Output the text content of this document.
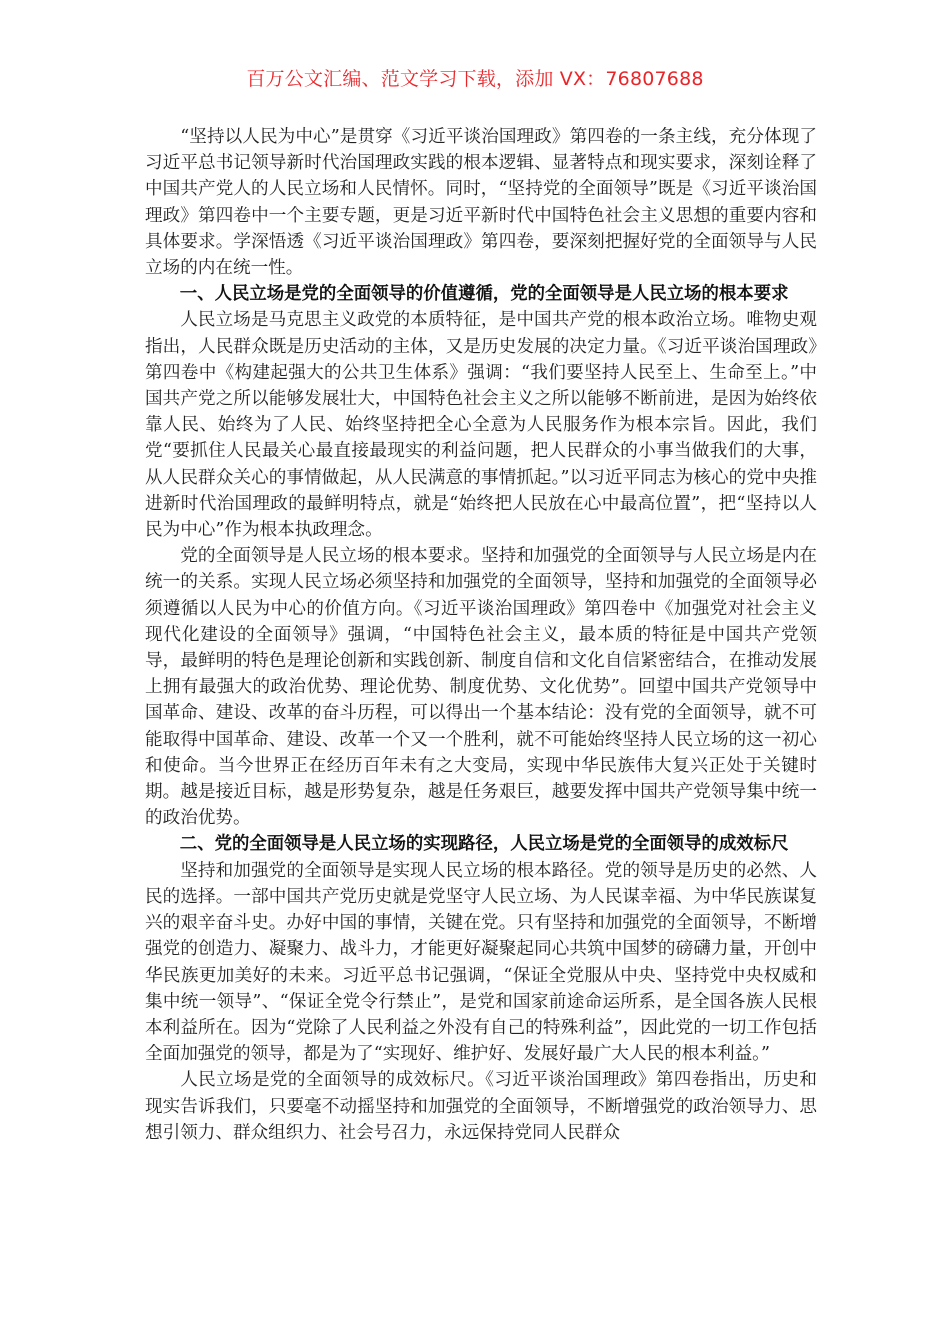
百万公文汇编、范文学习下载，添加 VX：76807688

“坚持以人民为中心”是贯穿《习近平谈治国理政》第四卷的一条主线，充分体现了习近平总书记领导新时代治国理政实践的根本逻辑、显著特点和现实要求，深刻诠释了中国共产党人的人民立场和人民情怀。同时，“坚持党的全面领导”既是《习近平谈治国理政》第四卷中一个主要专题，更是习近平新时代中国特色社会主义思想的重要内容和具体要求。学深悟透《习近平谈治国理政》第四卷，要深刻把握好党的全面领导与人民立场的内在统一性。

一、人民立场是党的全面领导的价值遵循，党的全面领导是人民立场的根本要求

人民立场是马克思主义政党的本质特征，是中国共产党的根本政治立场。唯物史观指出，人民群众既是历史活动的主体，又是历史发展的决定力量。《习近平谈治国理政》第四卷中《构建起强大的公共卫生体系》强调：“我们要坚持人民至上、生命至上。”中国共产党之所以能够发展壮大，中国特色社会主义之所以能够不断前进，是因为始终依靠人民、始终为了人民、始终坚持把全心全意为人民服务作为根本宗旨。因此，我们党“要抓住人民最关心最直接最现实的利益问题，把人民群众的小事当做我们的大事，从人民群众关心的事情做起，从人民满意的事情抓起。”以习近平同志为核心的党中央推进新时代治国理政的最鲜明特点，就是“始终把人民放在心中最高位置”，把“坚持以人民为中心”作为根本执政理念。

党的全面领导是人民立场的根本要求。坚持和加强党的全面领导与人民立场是内在统一的关系。实现人民立场必须坚持和加强党的全面领导，坚持和加强党的全面领导必须遵循以人民为中心的价值方向。《习近平谈治国理政》第四卷中《加强党对社会主义现代化建设的全面领导》强调，“中国特色社会主义，最本质的特征是中国共产党领导，最鲜明的特色是理论创新和实践创新、制度自信和文化自信紧密结合，在推动发展上拥有最强大的政治优势、理论优势、制度优势、文化优势”。回望中国共产党领导中国革命、建设、改革的奋斗历程，可以得出一个基本结论：没有党的全面领导，就不可能取得中国革命、建设、改革一个又一个胜利，就不可能始终坚持人民立场的这一初心和使命。当今世界正在经历百年未有之大变局，实现中华民族伟大复兴正处于关键时期。越是接近目标，越是形势复杂，越是任务艰巨，越要发挥中国共产党领导集中统一的政治优势。

二、党的全面领导是人民立场的实现路径，人民立场是党的全面领导的成效标尺

坚持和加强党的全面领导是实现人民立场的根本路径。党的领导是历史的必然、人民的选择。一部中国共产党历史就是党坚守人民立场、为人民谋幸福、为中华民族谋复兴的艰辛奋斗史。办好中国的事情，关键在党。只有坚持和加强党的全面领导，不断增强党的创造力、凝聚力、战斗力，才能更好凝聚起同心共筑中国梦的磅礴力量，开创中华民族更加美好的未来。习近平总书记强调，“保证全党服从中央、坚持党中央权威和集中统一领导”、“保证全党令行禁止”，是党和国家前途命运所系，是全国各族人民根本利益所在。因为“党除了人民利益之外没有自己的特殊利益”，因此党的一切工作包括全面加强党的领导，都是为了“实现好、维护好、发展好最广大人民的根本利益。”

人民立场是党的全面领导的成效标尺。《习近平谈治国理政》第四卷指出，历史和现实告诉我们，只要毫不动摇坚持和加强党的全面领导，不断增强党的政治领导力、思想引领力、群众组织力、社会号召力，永远保持党同人民群众
